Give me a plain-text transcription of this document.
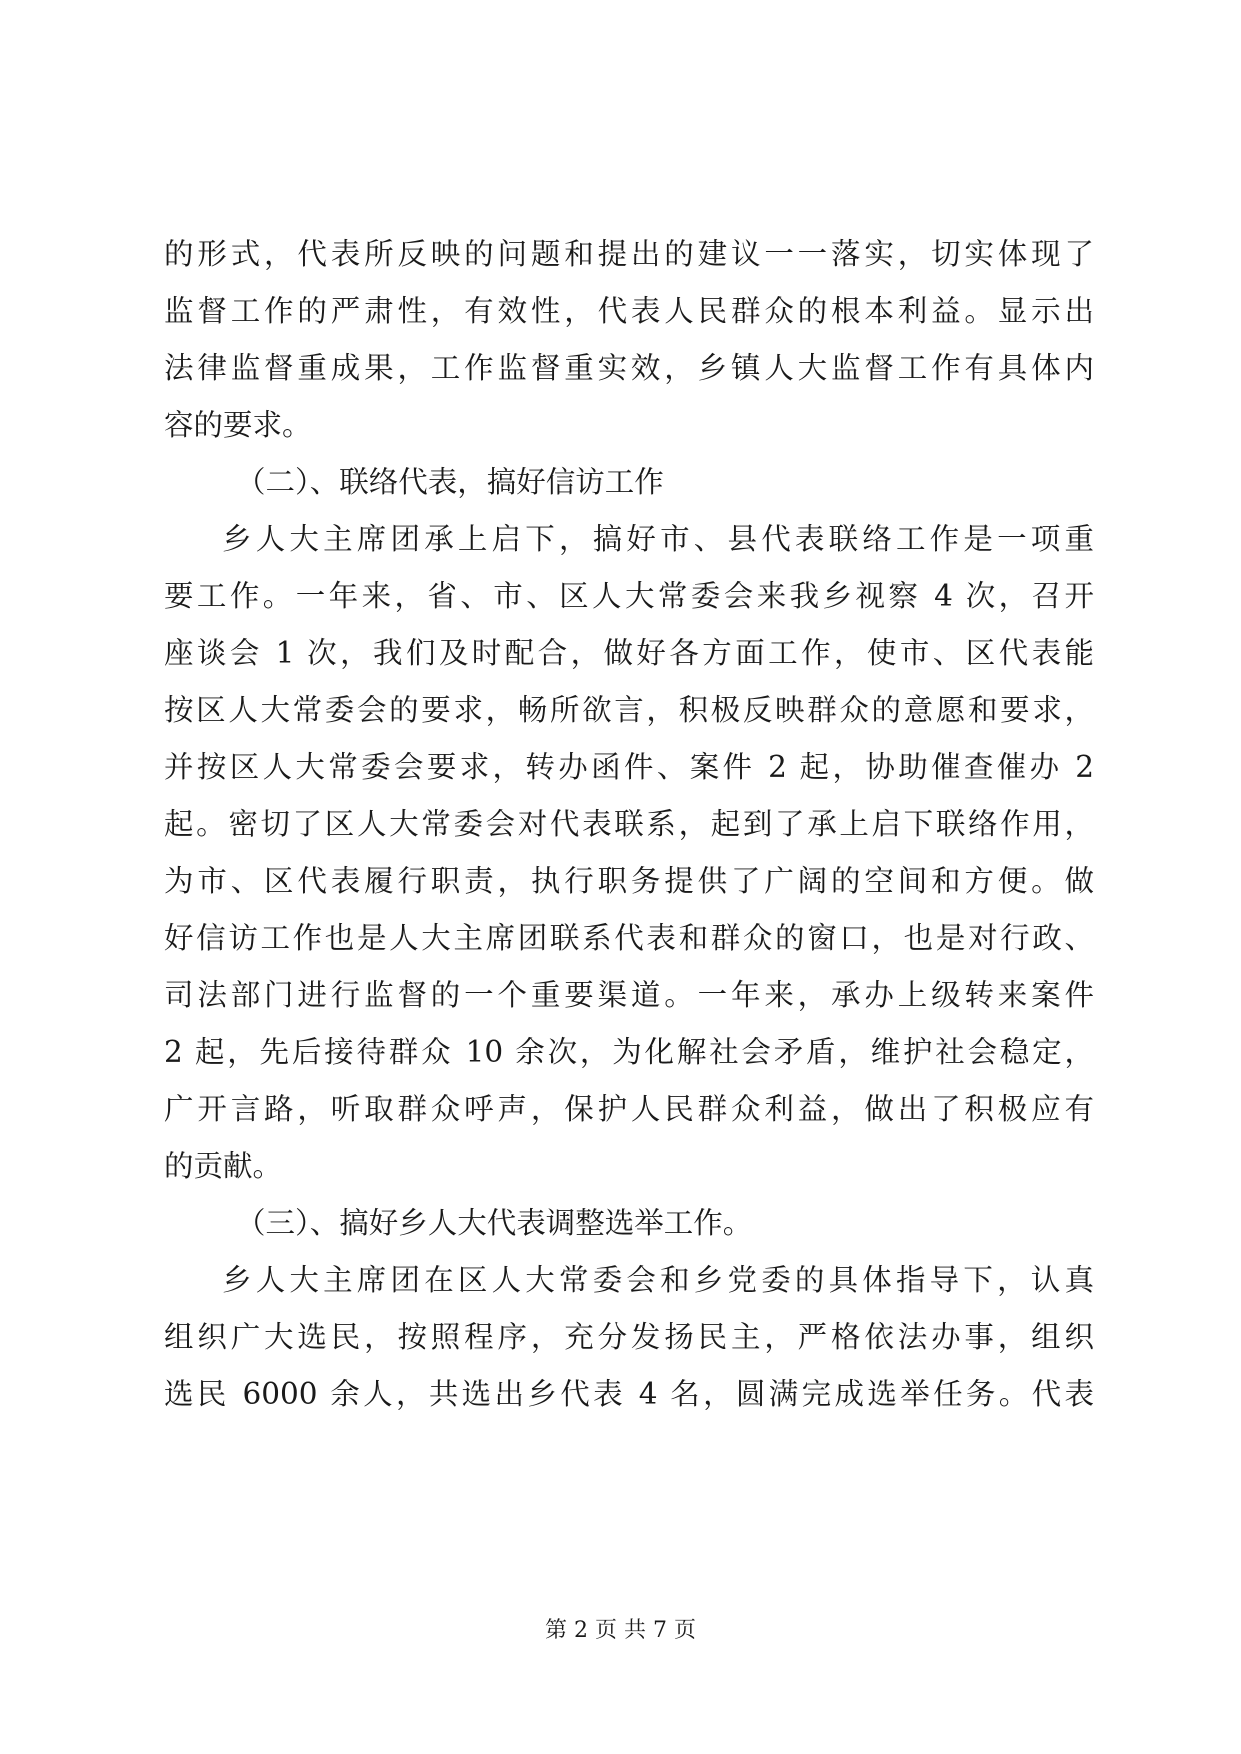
的形式，代表所反映的问题和提出的建议一一落实，切实体现了
监督工作的严肃性，有效性，代表人民群众的根本利益。显示出
法律监督重成果，工作监督重实效，乡镇人大监督工作有具体内
容的要求。
（二）、联络代表，搞好信访工作
乡人大主席团承上启下，搞好市、县代表联络工作是一项重
要工作。一年来，省、市、区人大常委会来我乡视察 4 次，召开
座谈会 1 次，我们及时配合，做好各方面工作，使市、区代表能
按区人大常委会的要求，畅所欲言，积极反映群众的意愿和要求，
并按区人大常委会要求，转办函件、案件 2 起，协助催查催办 2
起。密切了区人大常委会对代表联系，起到了承上启下联络作用，
为市、区代表履行职责，执行职务提供了广阔的空间和方便。做
好信访工作也是人大主席团联系代表和群众的窗口，也是对行政、
司法部门进行监督的一个重要渠道。一年来，承办上级转来案件
2 起，先后接待群众 10 余次，为化解社会矛盾，维护社会稳定，
广开言路，听取群众呼声，保护人民群众利益，做出了积极应有
的贡献。
（三）、搞好乡人大代表调整选举工作。
乡人大主席团在区人大常委会和乡党委的具体指导下，认真
组织广大选民，按照程序，充分发扬民主，严格依法办事，组织
选民 6000 余人，共选出乡代表 4 名，圆满完成选举任务。代表
第 2 页 共 7 页
